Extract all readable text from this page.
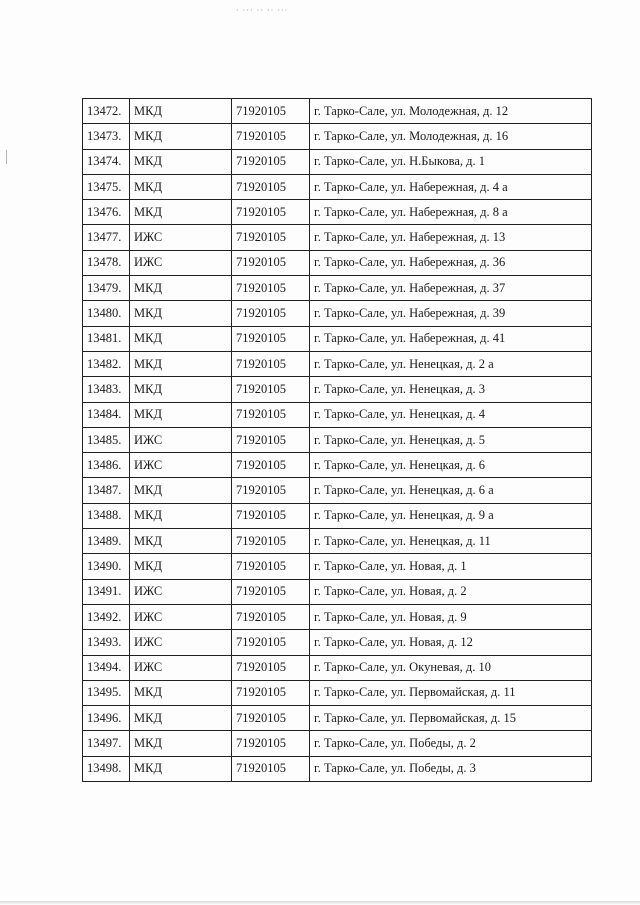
· ··· ·· ·· ···
13472.	МКД	71920105	г. Тарко-Сале, ул. Молодежная, д. 12
13473.	МКД	71920105	г. Тарко-Сале, ул. Молодежная, д. 16
13474.	МКД	71920105	г. Тарко-Сале, ул. Н.Быкова, д. 1
13475.	МКД	71920105	г. Тарко-Сале, ул. Набережная, д. 4 а
13476.	МКД	71920105	г. Тарко-Сале, ул. Набережная, д. 8 а
13477.	ИЖС	71920105	г. Тарко-Сале, ул. Набережная, д. 13
13478.	ИЖС	71920105	г. Тарко-Сале, ул. Набережная, д. 36
13479.	МКД	71920105	г. Тарко-Сале, ул. Набережная, д. 37
13480.	МКД	71920105	г. Тарко-Сале, ул. Набережная, д. 39
13481.	МКД	71920105	г. Тарко-Сале, ул. Набережная, д. 41
13482.	МКД	71920105	г. Тарко-Сале, ул. Ненецкая, д. 2 а
13483.	МКД	71920105	г. Тарко-Сале, ул. Ненецкая, д. 3
13484.	МКД	71920105	г. Тарко-Сале, ул. Ненецкая, д. 4
13485.	ИЖС	71920105	г. Тарко-Сале, ул. Ненецкая, д. 5
13486.	ИЖС	71920105	г. Тарко-Сале, ул. Ненецкая, д. 6
13487.	МКД	71920105	г. Тарко-Сале, ул. Ненецкая, д. 6 а
13488.	МКД	71920105	г. Тарко-Сале, ул. Ненецкая, д. 9 а
13489.	МКД	71920105	г. Тарко-Сале, ул. Ненецкая, д. 11
13490.	МКД	71920105	г. Тарко-Сале, ул. Новая, д. 1
13491.	ИЖС	71920105	г. Тарко-Сале, ул. Новая, д. 2
13492.	ИЖС	71920105	г. Тарко-Сале, ул. Новая, д. 9
13493.	ИЖС	71920105	г. Тарко-Сале, ул. Новая, д. 12
13494.	ИЖС	71920105	г. Тарко-Сале, ул. Окуневая, д. 10
13495.	МКД	71920105	г. Тарко-Сале, ул. Первомайская, д. 11
13496.	МКД	71920105	г. Тарко-Сале, ул. Первомайская, д. 15
13497.	МКД	71920105	г. Тарко-Сале, ул. Победы, д. 2
13498.	МКД	71920105	г. Тарко-Сале, ул. Победы, д. 3
